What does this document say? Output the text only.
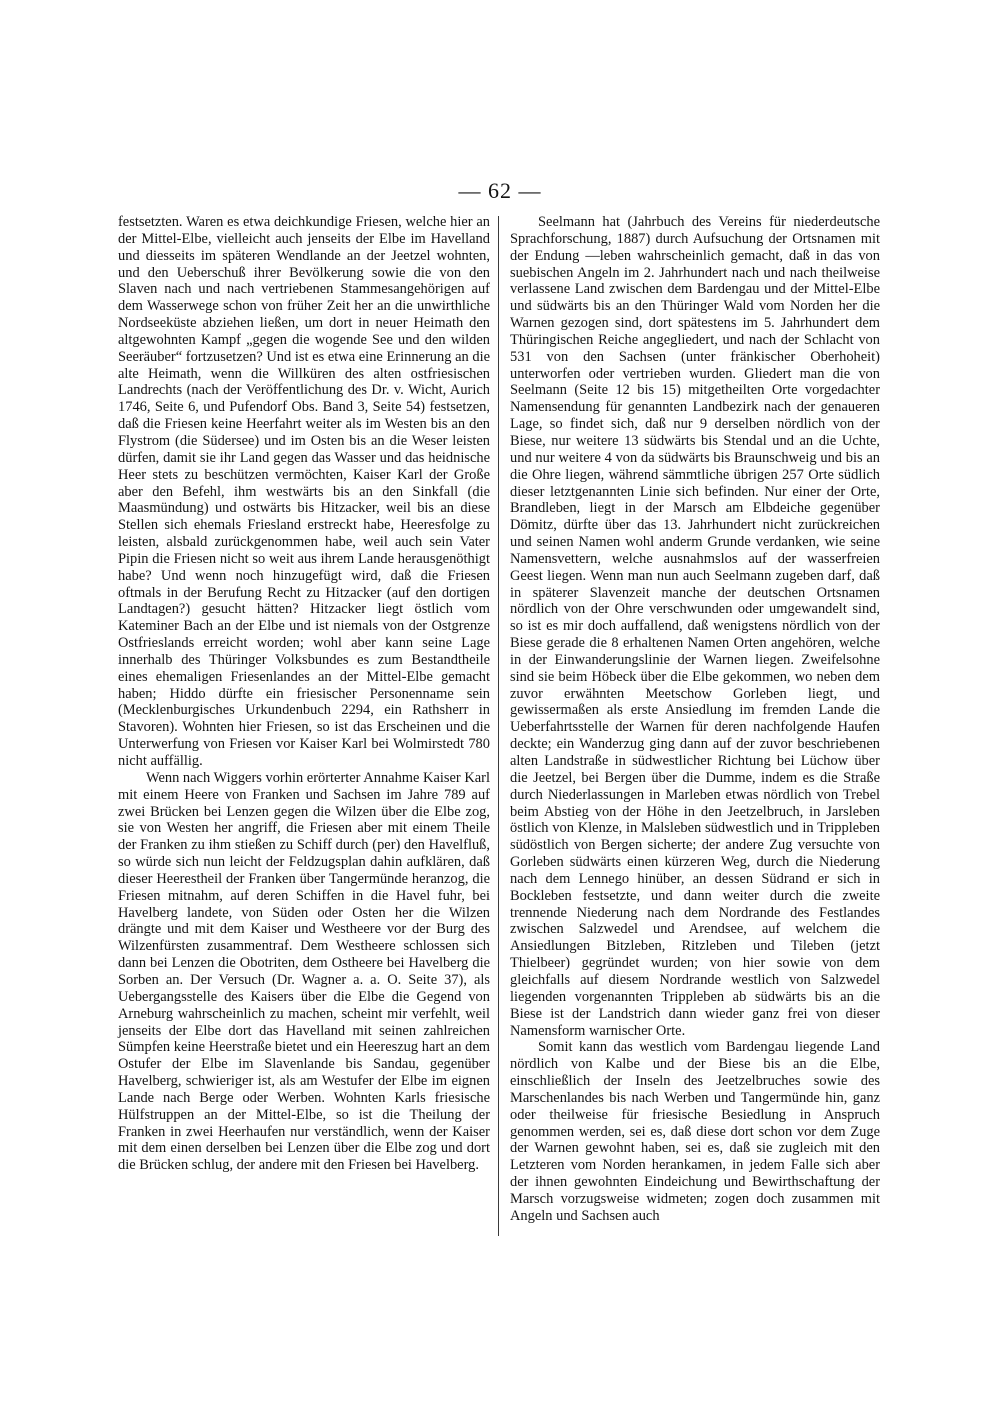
— 62 —

festsetzten. Waren es etwa deichkundige Friesen, welche hier an der Mittel-Elbe, vielleicht auch jenseits der Elbe im Havelland und diesseits im späteren Wendlande an der Jeetzel wohnten, und den Ueberschuß ihrer Bevölkerung sowie die von den Slaven nach und nach vertriebenen Stammesangehörigen auf dem Wasserwege schon von früher Zeit her an die unwirthliche Nordseeküste abziehen ließen, um dort in neuer Heimath den altgewohnten Kampf „gegen die wogende See und den wilden Seeräuber“ fortzusetzen? Und ist es etwa eine Erinnerung an die alte Heimath, wenn die Willküren des alten ostfriesischen Landrechts (nach der Veröffentlichung des Dr. v. Wicht, Aurich 1746, Seite 6, und Pufendorf Obs. Band 3, Seite 54) festsetzen, daß die Friesen keine Heerfahrt weiter als im Westen bis an den Flystrom (die Südersee) und im Osten bis an die Weser leisten dürfen, damit sie ihr Land gegen das Wasser und das heidnische Heer stets zu beschützen vermöchten, Kaiser Karl der Große aber den Befehl, ihm westwärts bis an den Sinkfall (die Maasmündung) und ostwärts bis Hitzacker, weil bis an diese Stellen sich ehemals Friesland erstreckt habe, Heeresfolge zu leisten, alsbald zurückgenommen habe, weil auch sein Vater Pipin die Friesen nicht so weit aus ihrem Lande herausgenöthigt habe? Und wenn noch hinzugefügt wird, daß die Friesen oftmals in der Berufung Recht zu Hitzacker (auf den dortigen Landtagen?) gesucht hätten? Hitzacker liegt östlich vom Kateminer Bach an der Elbe und ist niemals von der Ostgrenze Ostfrieslands erreicht worden; wohl aber kann seine Lage innerhalb des Thüringer Volksbundes es zum Bestandtheile eines ehemaligen Friesenlandes an der Mittel-Elbe gemacht haben; Hiddo dürfte ein friesischer Personenname sein (Mecklenburgisches Urkundenbuch 2294, ein Rathsherr in Stavoren). Wohnten hier Friesen, so ist das Erscheinen und die Unterwerfung von Friesen vor Kaiser Karl bei Wolmirstedt 780 nicht auffällig.

Wenn nach Wiggers vorhin erörterter Annahme Kaiser Karl mit einem Heere von Franken und Sachsen im Jahre 789 auf zwei Brücken bei Lenzen gegen die Wilzen über die Elbe zog, sie von Westen her angriff, die Friesen aber mit einem Theile der Franken zu ihm stießen zu Schiff durch (per) den Havelfluß, so würde sich nun leicht der Feldzugsplan dahin aufklären, daß dieser Heerestheil der Franken über Tangermünde heranzog, die Friesen mitnahm, auf deren Schiffen in die Havel fuhr, bei Havelberg landete, von Süden oder Osten her die Wilzen drängte und mit dem Kaiser und Westheere vor der Burg des Wilzenfürsten zusammentraf. Dem Westheere schlossen sich dann bei Lenzen die Obotriten, dem Ostheere bei Havelberg die Sorben an. Der Versuch (Dr. Wagner a. a. O. Seite 37), als Uebergangsstelle des Kaisers über die Elbe die Gegend von Arneburg wahrscheinlich zu machen, scheint mir verfehlt, weil jenseits der Elbe dort das Havelland mit seinen zahlreichen Sümpfen keine Heerstraße bietet und ein Heereszug hart an dem Ostufer der Elbe im Slavenlande bis Sandau, gegenüber Havelberg, schwieriger ist, als am Westufer der Elbe im eignen Lande nach Berge oder Werben. Wohnten Karls friesische Hülfstruppen an der Mittel-Elbe, so ist die Theilung der Franken in zwei Heerhaufen nur verständlich, wenn der Kaiser mit dem einen derselben bei Lenzen über die Elbe zog und dort die Brücken schlug, der andere mit den Friesen bei Havelberg.

Seelmann hat (Jahrbuch des Vereins für niederdeutsche Sprachforschung, 1887) durch Aufsuchung der Ortsnamen mit der Endung —leben wahrscheinlich gemacht, daß in das von suebischen Angeln im 2. Jahrhundert nach und nach theilweise verlassene Land zwischen dem Bardengau und der Mittel-Elbe und südwärts bis an den Thüringer Wald vom Norden her die Warnen gezogen sind, dort spätestens im 5. Jahrhundert dem Thüringischen Reiche angegliedert, und nach der Schlacht von 531 von den Sachsen (unter fränkischer Oberhoheit) unterworfen oder vertrieben wurden. Gliedert man die von Seelmann (Seite 12 bis 15) mitgetheilten Orte vorgedachter Namensendung für genannten Landbezirk nach der genaueren Lage, so findet sich, daß nur 9 derselben nördlich von der Biese, nur weitere 13 südwärts bis Stendal und an die Uchte, und nur weitere 4 von da südwärts bis Braunschweig und bis an die Ohre liegen, während sämmtliche übrigen 257 Orte südlich dieser letztgenannten Linie sich befinden. Nur einer der Orte, Brandleben, liegt in der Marsch am Elbdeiche gegenüber Dömitz, dürfte über das 13. Jahrhundert nicht zurückreichen und seinen Namen wohl anderm Grunde verdanken, wie seine Namensvettern, welche ausnahmslos auf der wasserfreien Geest liegen. Wenn man nun auch Seelmann zugeben darf, daß in späterer Slavenzeit manche der deutschen Ortsnamen nördlich von der Ohre verschwunden oder umgewandelt sind, so ist es mir doch auffallend, daß wenigstens nördlich von der Biese gerade die 8 erhaltenen Namen Orten angehören, welche in der Einwanderungslinie der Warnen liegen. Zweifelsohne sind sie beim Höbeck über die Elbe gekommen, wo neben dem zuvor erwähnten Meetschow Gorleben liegt, und gewissermaßen als erste Ansiedlung im fremden Lande die Ueberfahrtsstelle der Warnen für deren nachfolgende Haufen deckte; ein Wanderzug ging dann auf der zuvor beschriebenen alten Landstraße in südwestlicher Richtung bei Lüchow über die Jeetzel, bei Bergen über die Dumme, indem es die Straße durch Niederlassungen in Marleben etwas nördlich von Trebel beim Abstieg von der Höhe in den Jeetzelbruch, in Jarsleben östlich von Klenze, in Malsleben südwestlich und in Trippleben südöstlich von Bergen sicherte; der andere Zug versuchte von Gorleben südwärts einen kürzeren Weg, durch die Niederung nach dem Lennego hinüber, an dessen Südrand er sich in Bockleben festsetzte, und dann weiter durch die zweite trennende Niederung nach dem Nordrande des Festlandes zwischen Salzwedel und Arendsee, auf welchem die Ansiedlungen Bitzleben, Ritzleben und Tileben (jetzt Thielbeer) gegründet wurden; von hier sowie von dem gleichfalls auf diesem Nordrande westlich von Salzwedel liegenden vorgenannten Trippleben ab südwärts bis an die Biese ist der Landstrich dann wieder ganz frei von dieser Namensform warnischer Orte.

Somit kann das westlich vom Bardengau liegende Land nördlich von Kalbe und der Biese bis an die Elbe, einschließlich der Inseln des Jeetzelbruches sowie des Marschenlandes bis nach Werben und Tangermünde hin, ganz oder theilweise für friesische Besiedlung in Anspruch genommen werden, sei es, daß diese dort schon vor dem Zuge der Warnen gewohnt haben, sei es, daß sie zugleich mit den Letzteren vom Norden herankamen, in jedem Falle sich aber der ihnen gewohnten Eindeichung und Bewirthschaftung der Marsch vorzugsweise widmeten; zogen doch zusammen mit Angeln und Sachsen auch
